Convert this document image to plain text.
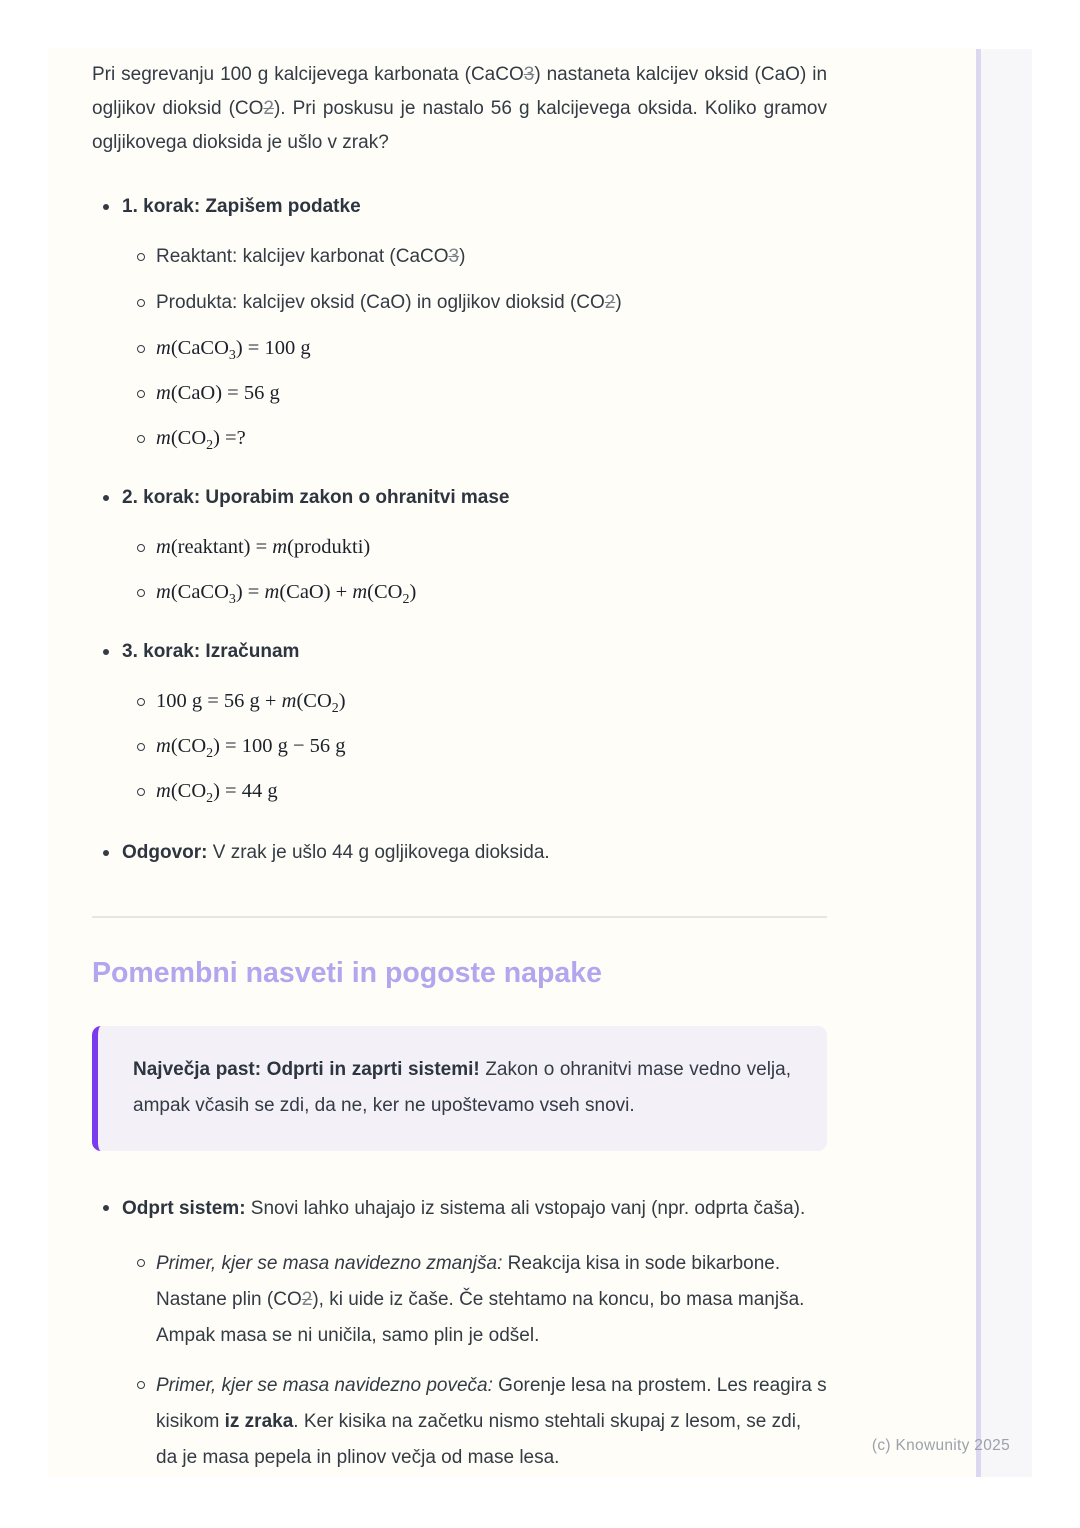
Pri segrevanju 100 g kalcijevega karbonata (CaCO3) nastaneta kalcijev oksid (CaO) in ogljikov dioksid (CO2). Pri poskusu je nastalo 56 g kalcijevega oksida. Koliko gramov ogljikovega dioksida je ušlo v zrak?

1. korak: Zapišem podatke
Reaktant: kalcijev karbonat (CaCO3)
Produkta: kalcijev oksid (CaO) in ogljikov dioksid (CO2)
m(CaCO$_3$) = 100 g
m(CaO) = 56 g
$m(CO_2)$ =?
2. korak: Uporabim zakon o ohranitvi mase
m(reaktant) = m(produkti)
m(CaCO$_3$) = $m(CaO) + m(CO_2)$
3. korak: Izračunam
100 g = 56 $g + m(CO_2)$
$m(CO_2) = 100$ g − 56 g
$m(CO_2) = 44$ g
Odgovor: V zrak je ušlo 44 g ogljikovega dioksida.
Pomembni nasveti in pogoste napake
Največja past: Odprti in zaprti sistemi! Zakon o ohranitvi mase vedno velja, ampak včasih se zdi, da ne, ker ne upoštevamo vseh snovi.
Odprt sistem: Snovi lahko uhajajo iz sistema ali vstopajo vanj (npr. odprta čaša).
Primer, kjer se masa navidezno zmanjša: Reakcija kisa in sode bikarbone. Nastane plin (CO2), ki uide iz čaše. Če stehtamo na koncu, bo masa manjša. Ampak masa se ni uničila, samo plin je odšel.
Primer, kjer se masa navidezno poveča: Gorenje lesa na prostem. Les reagira s kisikom iz zraka. Ker kisika na začetku nismo stehtali skupaj z lesom, se zdi, da je masa pepela in plinov večja od mase lesa.
(c) Knowunity 2025
